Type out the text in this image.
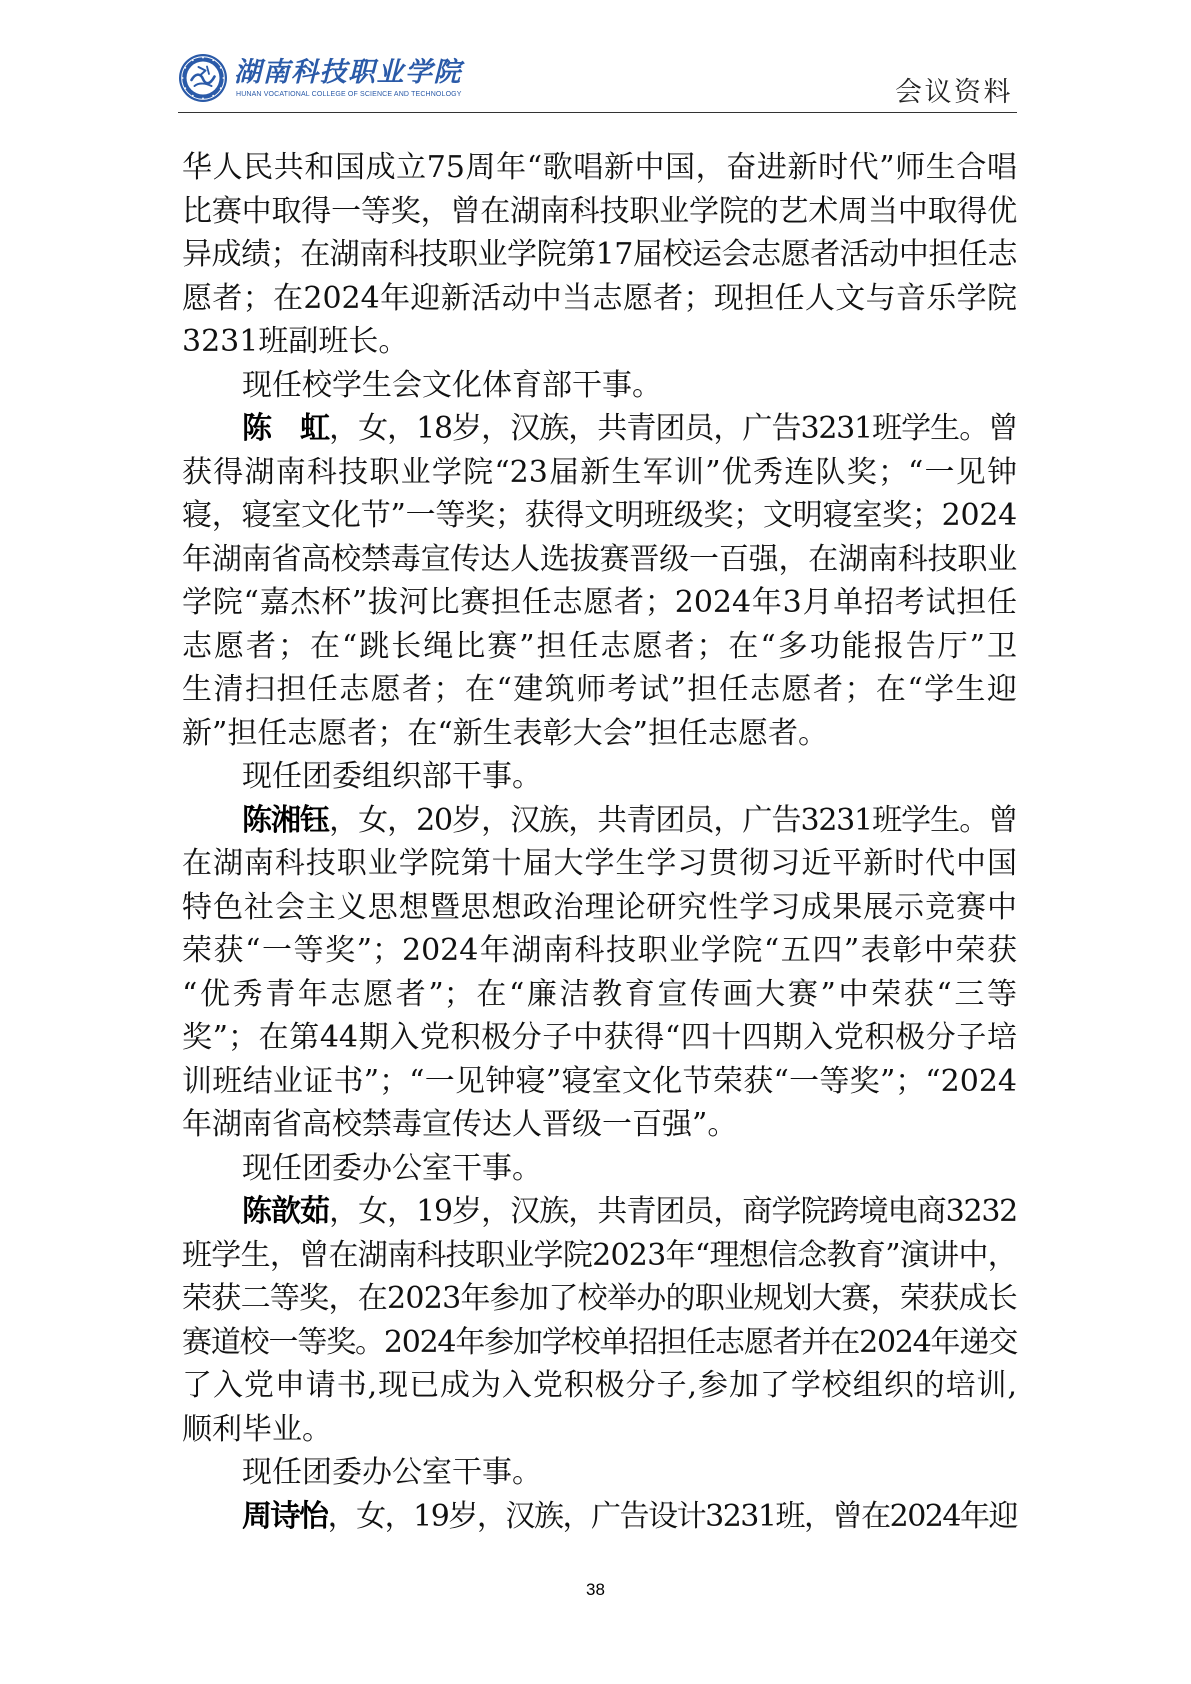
湖南科技职业学院
HUNAN VOCATIONAL COLLEGE OF SCIENCE AND TECHNOLOGY	会议资料
华人民共和国成立75周年“歌唱新中国，奋进新时代”师生合唱
比赛中取得一等奖，曾在湖南科技职业学院的艺术周当中取得优
异成绩；在湖南科技职业学院第17届校运会志愿者活动中担任志
愿者；在2024年迎新活动中当志愿者；现担任人文与音乐学院
3231班副班长。
现任校学生会文化体育部干事。
陈　虹，女，18岁，汉族，共青团员，广告3231班学生。曾
获得湖南科技职业学院“23届新生军训”优秀连队奖；“一见钟
寝，寝室文化节”一等奖；获得文明班级奖；文明寝室奖；2024
年湖南省高校禁毒宣传达人选拔赛晋级一百强，在湖南科技职业
学院“嘉杰杯”拔河比赛担任志愿者；2024年3月单招考试担任
志愿者；在“跳长绳比赛”担任志愿者；在“多功能报告厅”卫
生清扫担任志愿者；在“建筑师考试”担任志愿者；在“学生迎
新”担任志愿者；在“新生表彰大会”担任志愿者。
现任团委组织部干事。
陈湘钰，女，20岁，汉族，共青团员，广告3231班学生。曾
在湖南科技职业学院第十届大学生学习贯彻习近平新时代中国
特色社会主义思想暨思想政治理论研究性学习成果展示竞赛中
荣获“一等奖”；2024年湖南科技职业学院“五四”表彰中荣获
“优秀青年志愿者”；在“廉洁教育宣传画大赛”中荣获“三等
奖”；在第44期入党积极分子中获得“四十四期入党积极分子培
训班结业证书”；“一见钟寝”寝室文化节荣获“一等奖”；“2024
年湖南省高校禁毒宣传达人晋级一百强”。
现任团委办公室干事。
陈歆茹，女，19岁，汉族，共青团员，商学院跨境电商3232
班学生，曾在湖南科技职业学院2023年“理想信念教育”演讲中，
荣获二等奖，在2023年参加了校举办的职业规划大赛，荣获成长
赛道校一等奖。2024年参加学校单招担任志愿者并在2024年递交
了入党申请书,现已成为入党积极分子,参加了学校组织的培训,
顺利毕业。
现任团委办公室干事。
周诗怡，女，19岁，汉族，广告设计3231班，曾在2024年迎
38
